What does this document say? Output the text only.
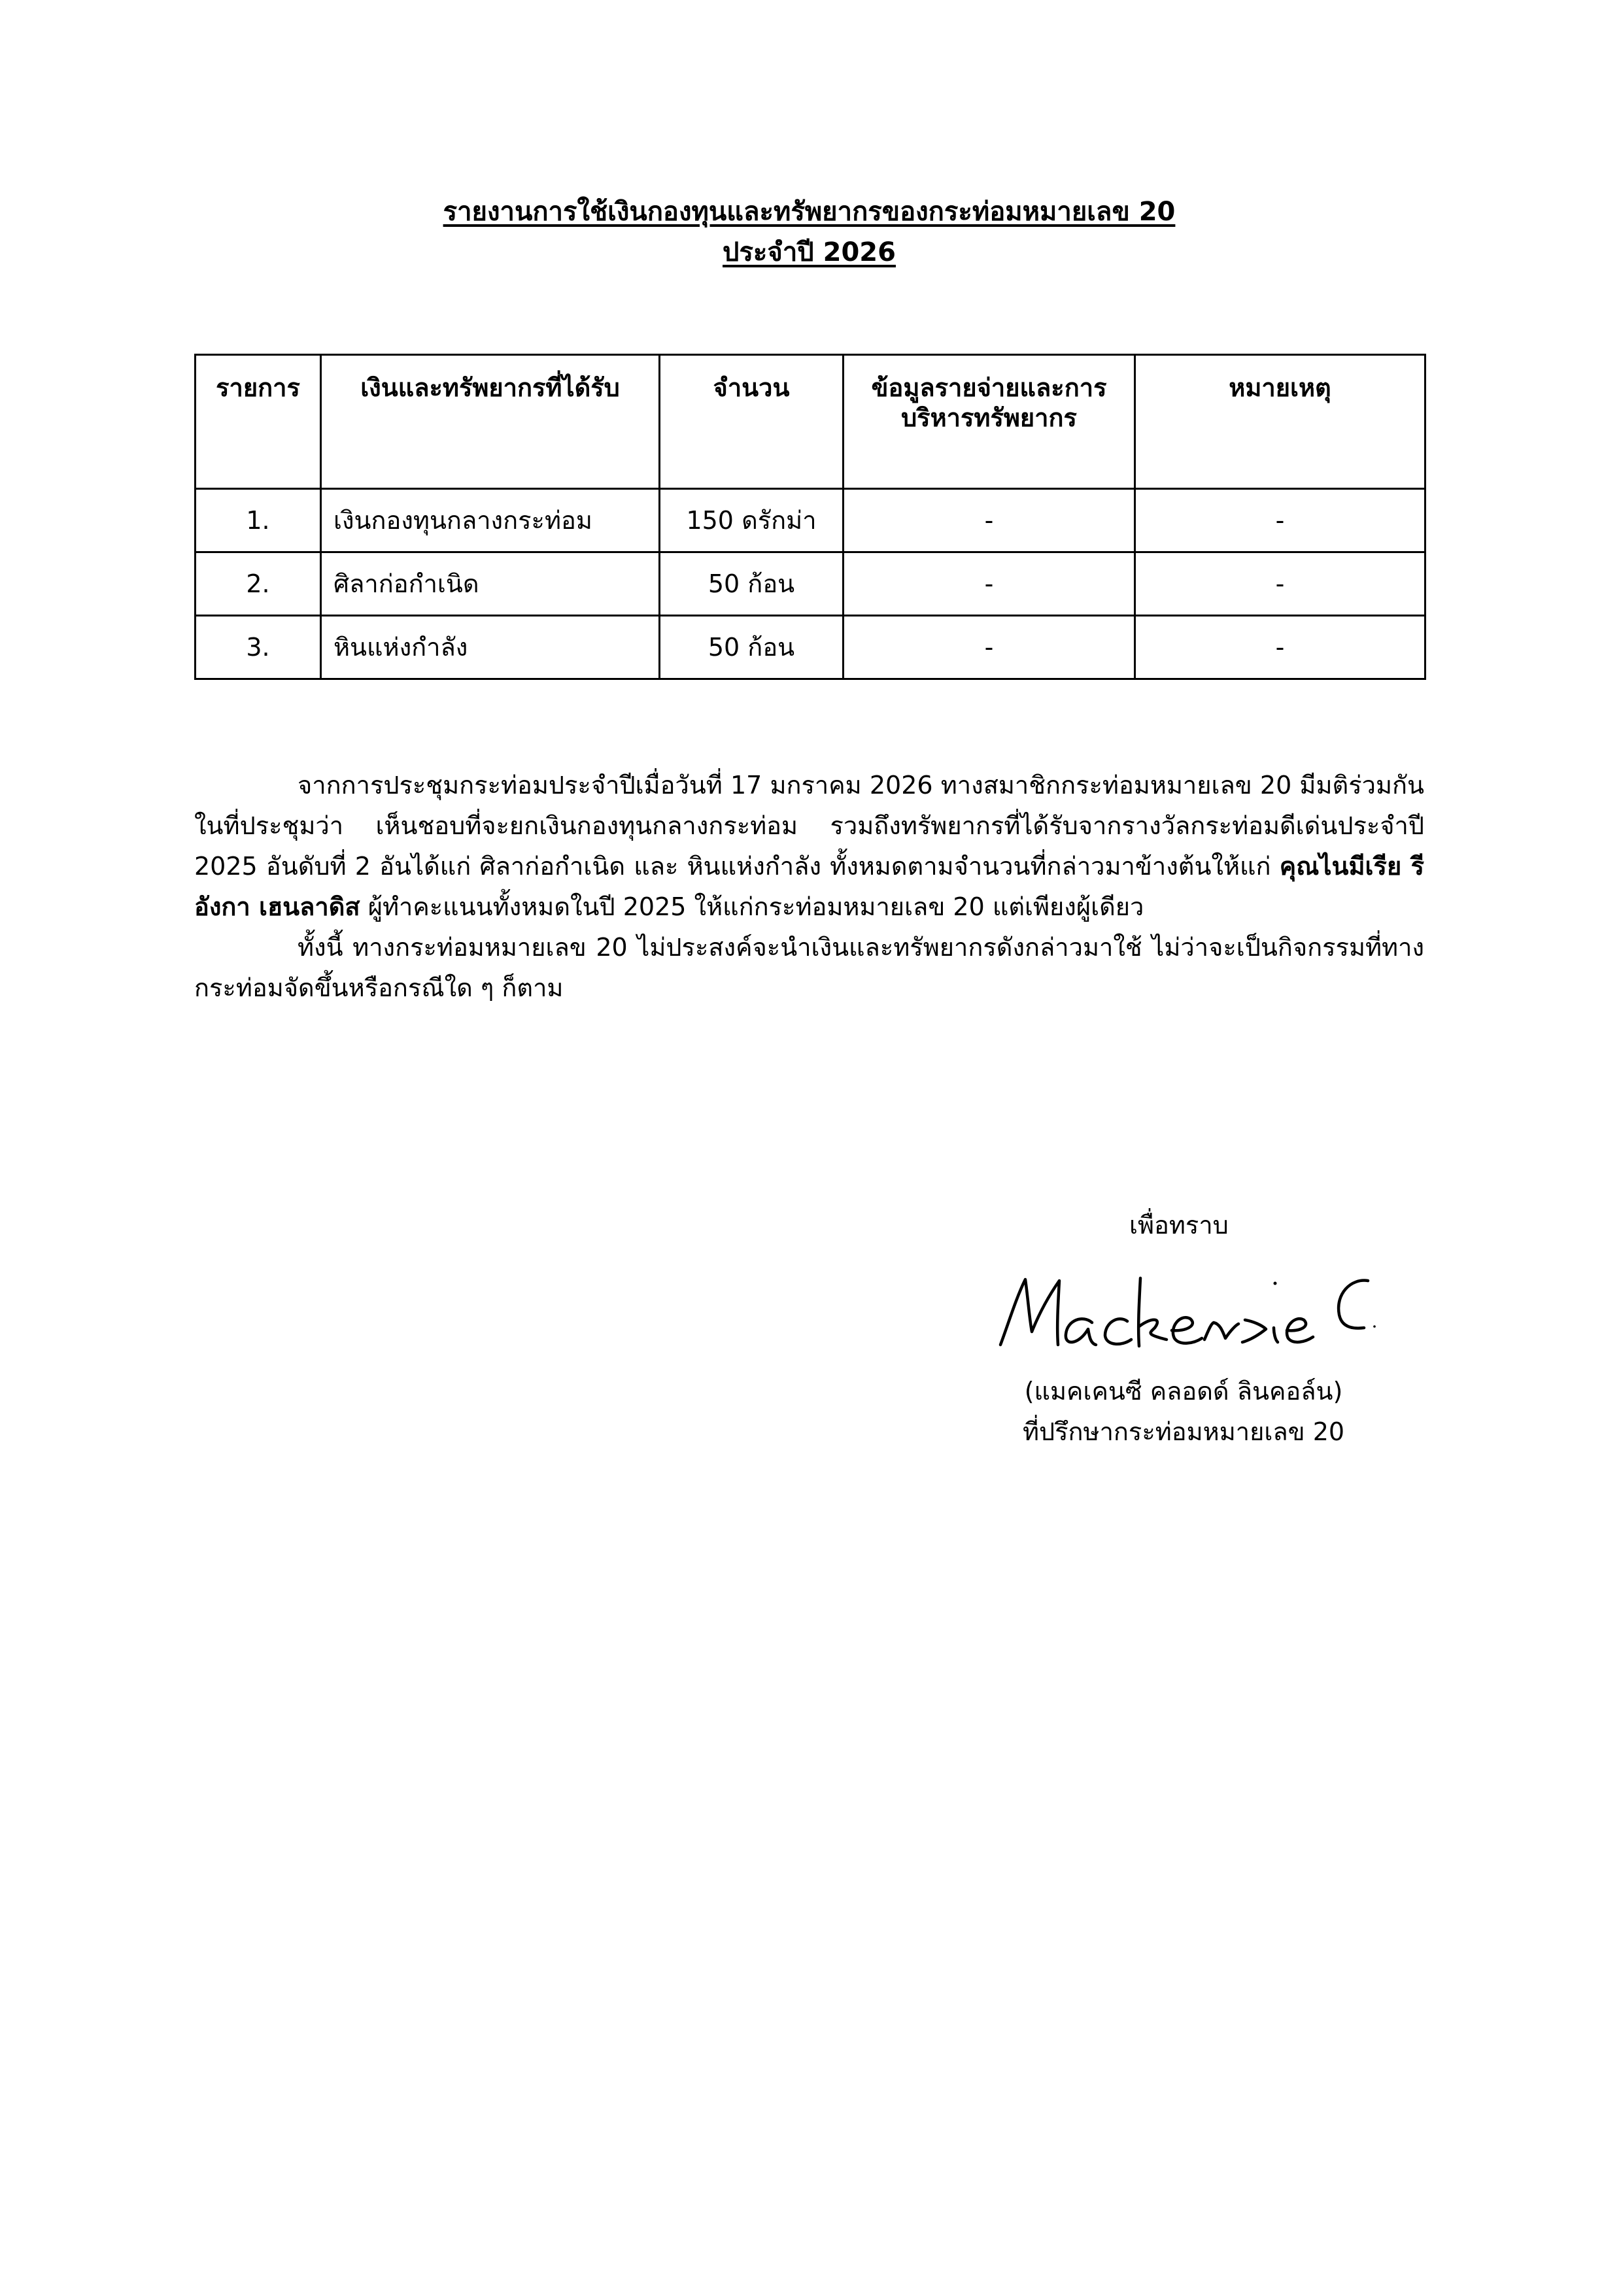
รายงานการใช้เงินกองทุนและทรัพยากรของกระท่อมหมายเลข 20
ประจำปี 2026
รายการ	เงินและทรัพยากรที่ได้รับ	จำนวน	ข้อมูลรายจ่ายและการบริหารทรัพยากร	หมายเหตุ
1.	เงินกองทุนกลางกระท่อม	150 ดรักม่า	-	-
2.	ศิลาก่อกำเนิด	50 ก้อน	-	-
3.	หินแห่งกำลัง	50 ก้อน	-	-

จากการประชุมกระท่อมประจำปีเมื่อวันที่ 17 มกราคม 2026 ทางสมาชิกกระท่อมหมายเลข 20 มีมติร่วมกันในที่ประชุมว่า เห็นชอบที่จะยกเงินกองทุนกลางกระท่อม รวมถึงทรัพยากรที่ได้รับจากรางวัลกระท่อมดีเด่นประจำปี 2025 อันดับที่ 2 อันได้แก่ ศิลาก่อกำเนิด และ หินแห่งกำลัง ทั้งหมดตามจำนวนที่กล่าวมาข้างต้นให้แก่ คุณไนมีเรีย รีอังกา เฮนลาดิส ผู้ทำคะแนนทั้งหมดในปี 2025 ให้แก่กระท่อมหมายเลข 20 แต่เพียงผู้เดียว

ทั้งนี้ ทางกระท่อมหมายเลข 20 ไม่ประสงค์จะนำเงินและทรัพยากรดังกล่าวมาใช้ ไม่ว่าจะเป็นกิจกรรมที่ทางกระท่อมจัดขึ้นหรือกรณีใด ๆ ก็ตาม

เพื่อทราบ
(แมคเคนซี คลอดด์ ลินคอล์น)
ที่ปรึกษากระท่อมหมายเลข 20
